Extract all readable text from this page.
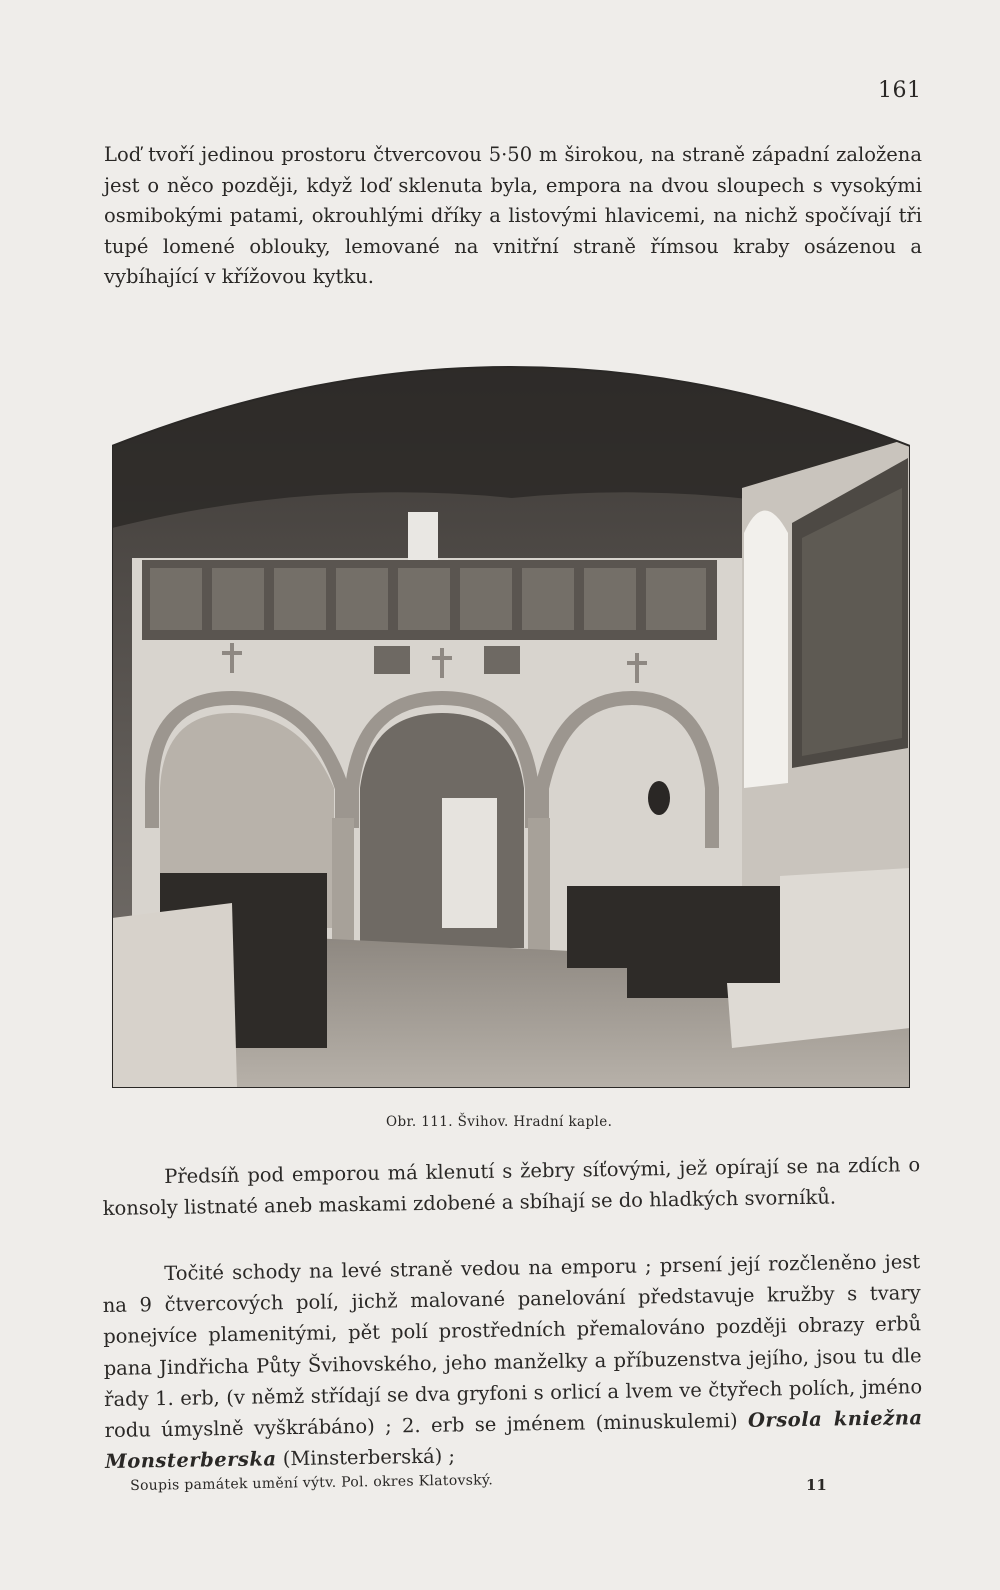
161

Loď tvoří jedinou prostoru čtvercovou 5·50 m širokou, na straně západní založena jest o něco později, když loď sklenuta byla, empora na dvou sloupech s vysokými osmibokými patami, okrouhlými dříky a listovými hlavicemi, na nichž spočívají tři tupé lomené oblouky, lemované na vnitřní straně římsou kraby osázenou a vybíhající v křížovou kytku.

Obr. 111. Švihov. Hradní kaple.

Předsíň pod emporou má klenutí s žebry síťovými, jež opírají se na zdích o konsoly listnaté aneb maskami zdobené a sbíhají se do hladkých svorníků.

Točité schody na levé straně vedou na emporu ; prsení její rozčleněno jest na 9 čtvercových polí, jichž malované panelování představuje kružby s tvary ponejvíce plamenitými, pět polí prostředních přemalováno později obrazy erbů pana Jindřicha Půty Švihovského, jeho manželky a příbuzenstva jejího, jsou tu dle řady 1. erb, (v němž střídají se dva gryfoni s orlicí a lvem ve čtyřech polích, jméno rodu úmyslně vyškrábáno) ; 2. erb se jménem (minuskulemi) Orsola kniežna Monsterberska (Minsterberská) ;

Soupis památek umění výtv. Pol. okres Klatovský.	11
